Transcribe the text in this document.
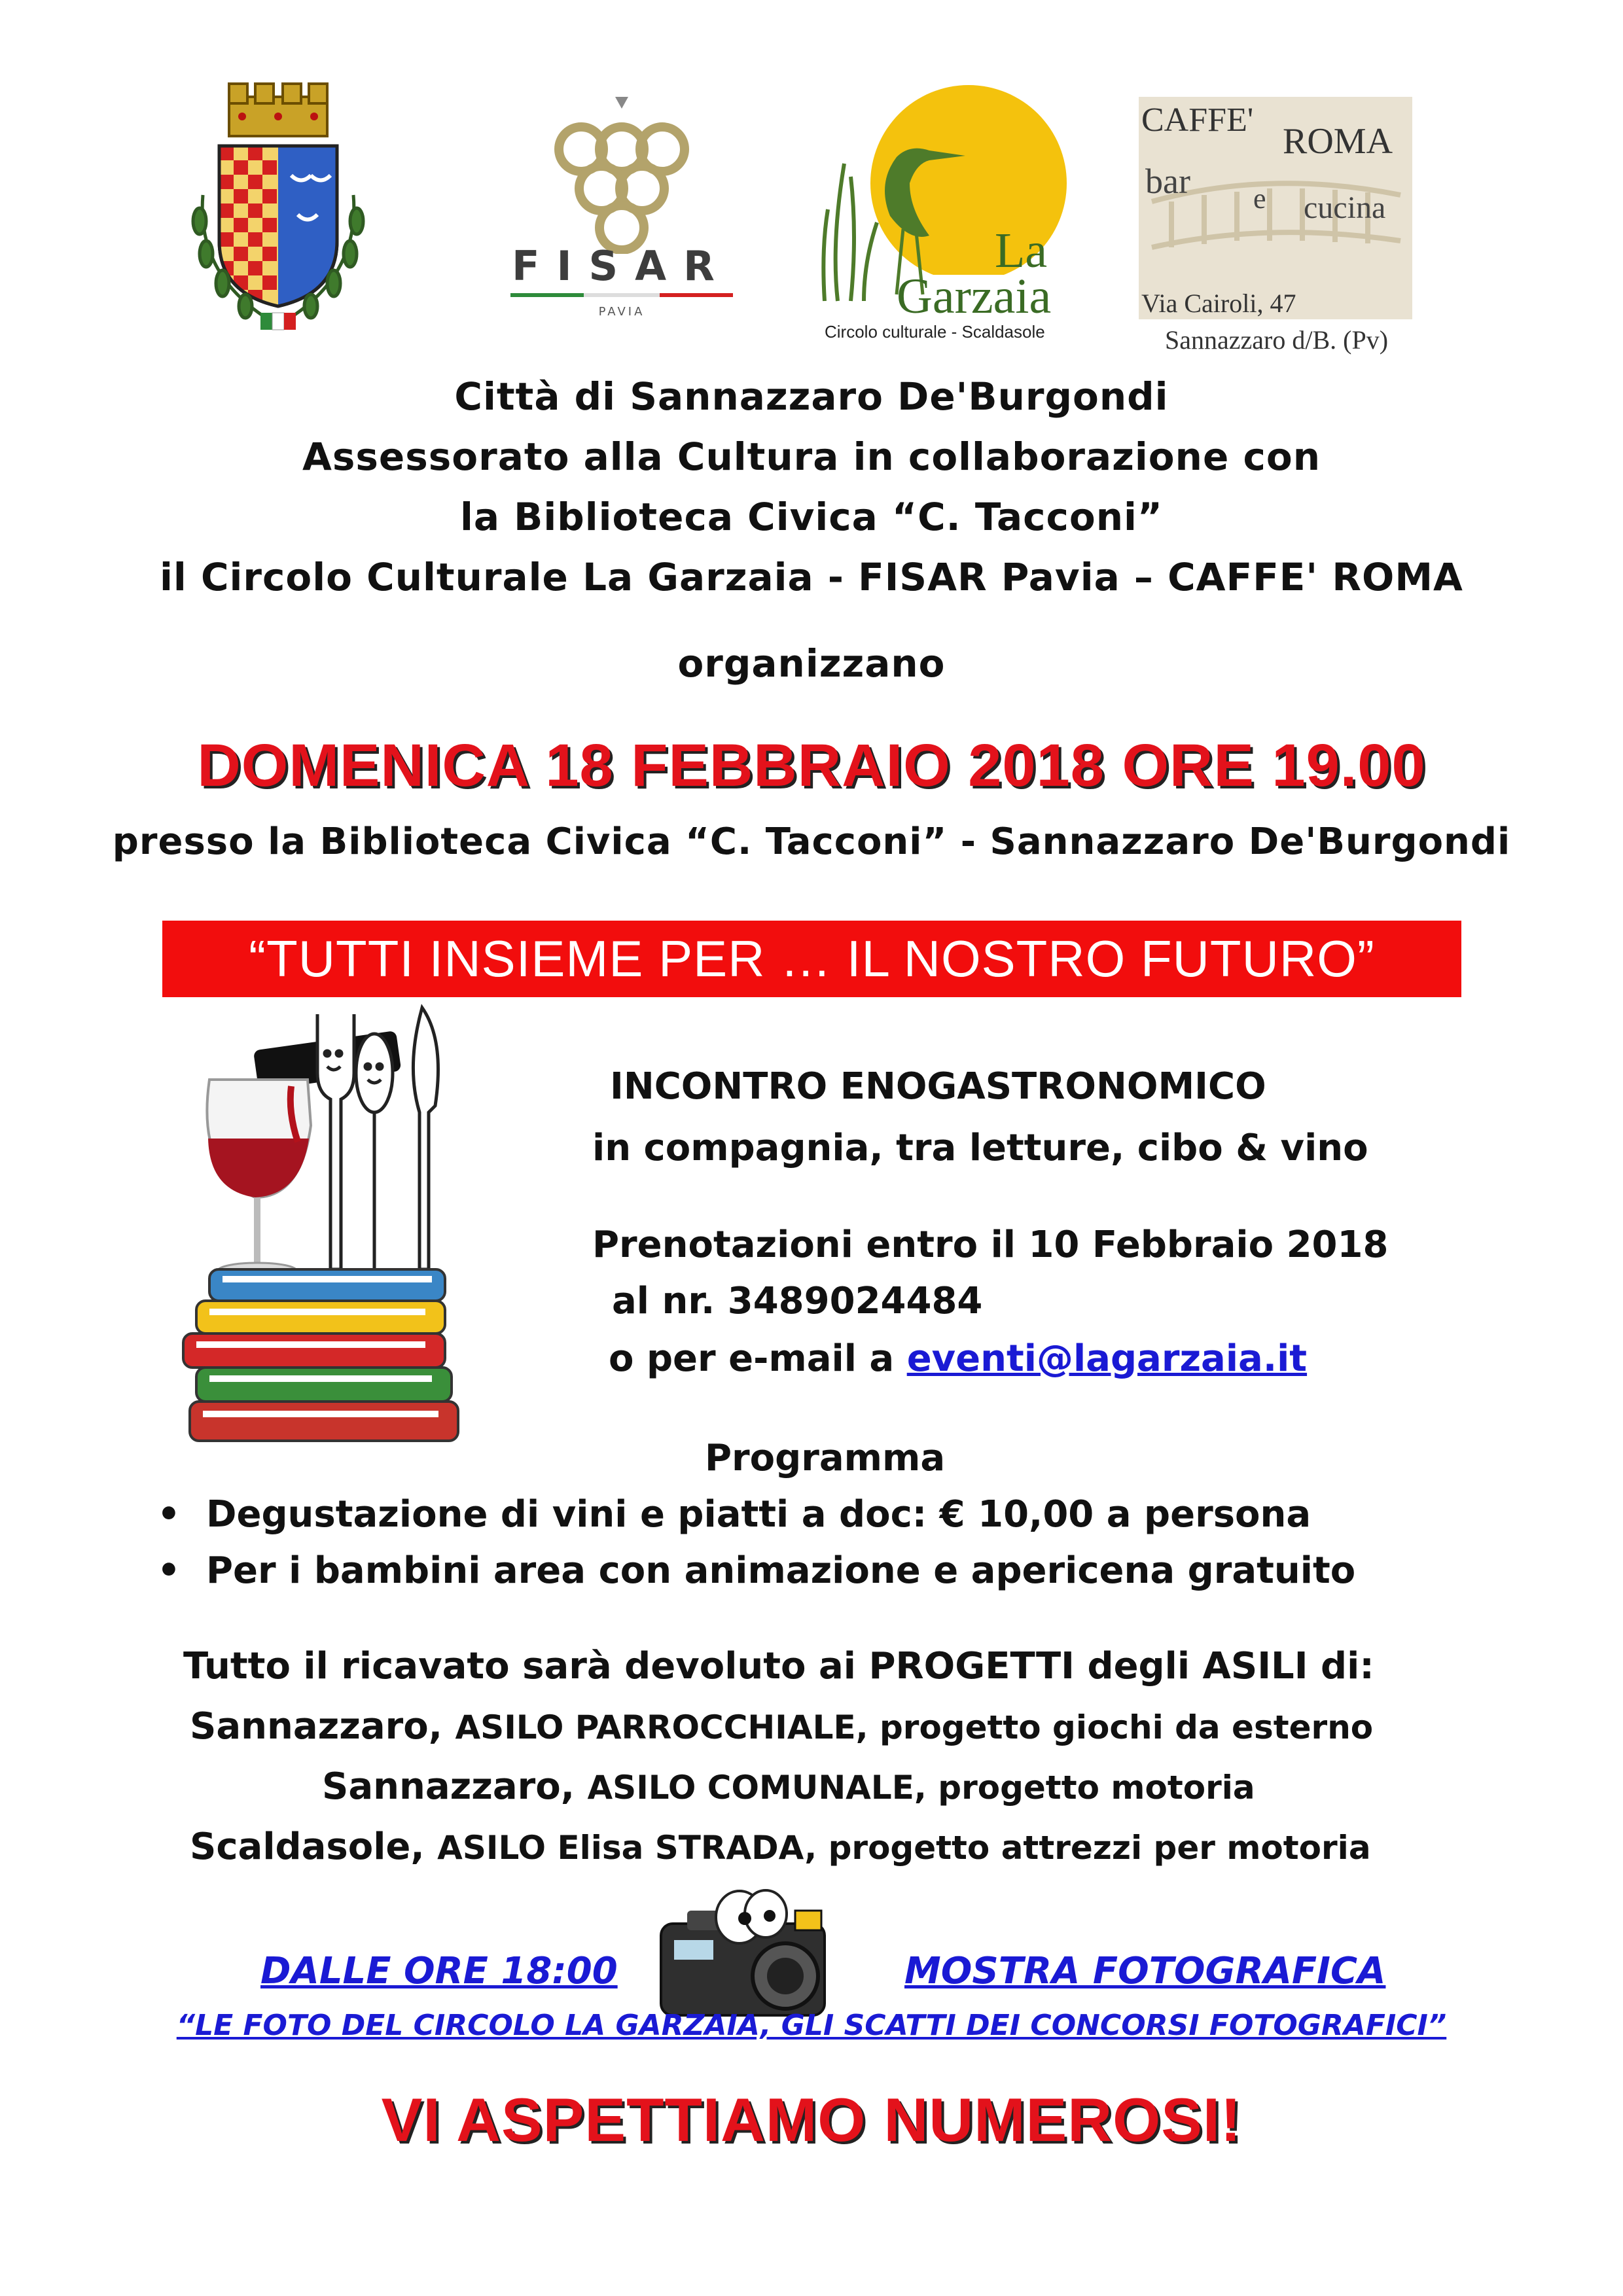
FISAR
PAVIA
La
Garzaia
Circolo culturale - Scaldasole
CAFFE'
ROMA
bar e cucina
Via Cairoli, 47
Sannazzaro d/B. (Pv)
Città di Sannazzaro De'Burgondi
Assessorato alla Cultura in collaborazione con
la Biblioteca Civica “C. Tacconi”
il Circolo Culturale La Garzaia - FISAR Pavia – CAFFE' ROMA
organizzano
DOMENICA 18 FEBBRAIO 2018 ORE 19.00
presso la Biblioteca Civica “C. Tacconi” - Sannazzaro De'Burgondi
“TUTTI INSIEME PER … IL NOSTRO FUTURO”
INCONTRO ENOGASTRONOMICO
in compagnia, tra letture, cibo & vino
Prenotazioni entro il 10 Febbraio 2018
al nr. 3489024484
o per e-mail a eventi@lagarzaia.it
Programma
• Degustazione di vini e piatti a doc: € 10,00 a persona
• Per i bambini area con animazione e apericena gratuito
Tutto il ricavato sarà devoluto ai PROGETTI degli ASILI di:
Sannazzaro, ASILO PARROCCHIALE, progetto giochi da esterno
Sannazzaro, ASILO COMUNALE, progetto motoria
Scaldasole, ASILO Elisa STRADA, progetto attrezzi per motoria
DALLE ORE 18:00	MOSTRA FOTOGRAFICA
“LE FOTO DEL CIRCOLO LA GARZAIA, GLI SCATTI DEI CONCORSI FOTOGRAFICI”
VI ASPETTIAMO NUMEROSI!
